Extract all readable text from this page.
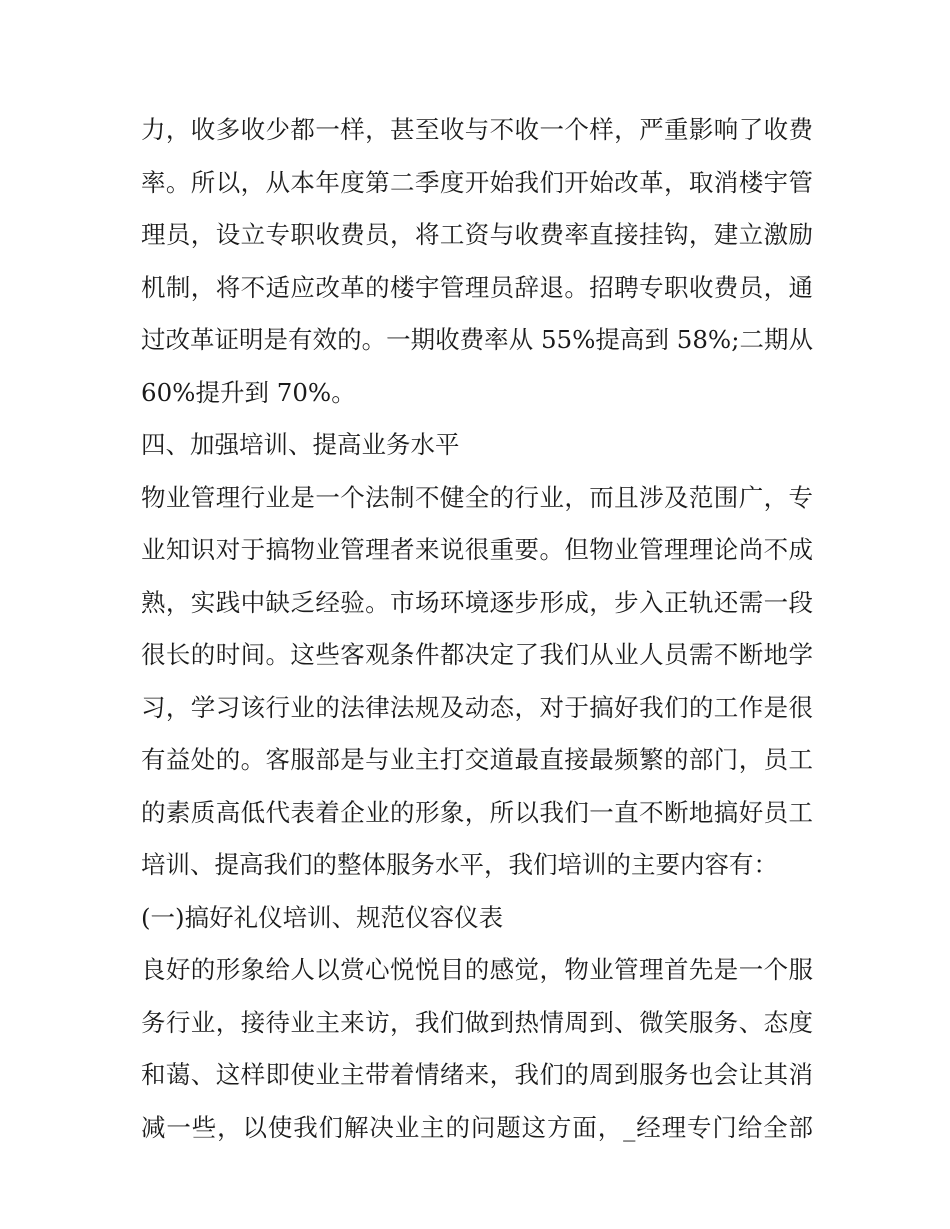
力，收多收少都一样，甚至收与不收一个样，严重影响了收费
率。所以，从本年度第二季度开始我们开始改革，取消楼宇管
理员，设立专职收费员，将工资与收费率直接挂钩，建立激励
机制，将不适应改革的楼宇管理员辞退。招聘专职收费员，通
过改革证明是有效的。一期收费率从 55%提高到 58%;二期从
60%提升到 70%。
四、加强培训、提高业务水平
物业管理行业是一个法制不健全的行业，而且涉及范围广，专
业知识对于搞物业管理者来说很重要。但物业管理理论尚不成
熟，实践中缺乏经验。市场环境逐步形成，步入正轨还需一段
很长的时间。这些客观条件都决定了我们从业人员需不断地学
习，学习该行业的法律法规及动态，对于搞好我们的工作是很
有益处的。客服部是与业主打交道最直接最频繁的部门，员工
的素质高低代表着企业的形象，所以我们一直不断地搞好员工
培训、提高我们的整体服务水平，我们培训的主要内容有：
(一)搞好礼仪培训、规范仪容仪表
良好的形象给人以赏心悦悦目的感觉，物业管理首先是一个服
务行业，接待业主来访，我们做到热情周到、微笑服务、态度
和蔼、这样即使业主带着情绪来，我们的周到服务也会让其消
减一些，以使我们解决业主的问题这方面，_经理专门给全部
